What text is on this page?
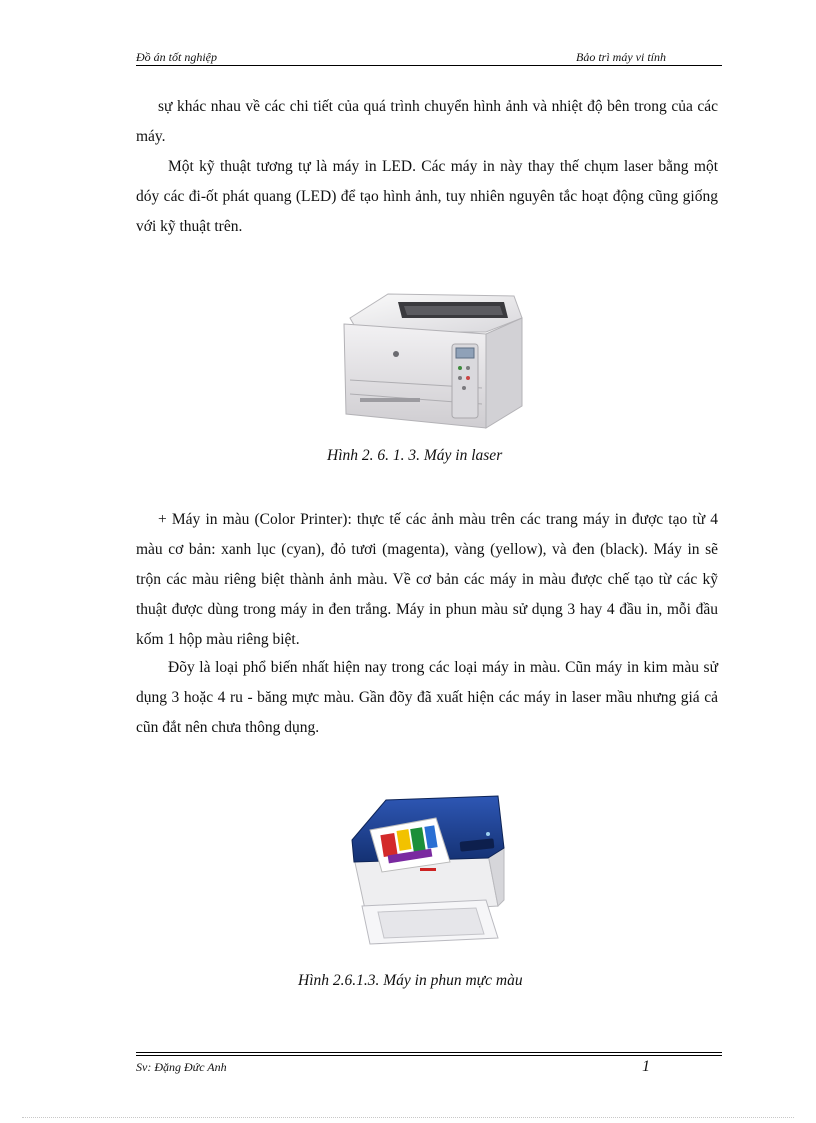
Đồ án tốt nghiệp	Bảo trì máy vi tính

sự khác nhau về các chi tiết của quá trình chuyển hình ảnh và nhiệt độ bên trong của các máy.

Một kỹ thuật tương tự là máy in LED. Các máy in này thay thế chụm laser bằng một dóy các đi-ốt phát quang (LED) để tạo hình ảnh, tuy nhiên nguyên tắc hoạt động cũng giống với kỹ thuật trên.

Hình 2. 6. 1. 3. Máy in laser

+ Máy in màu (Color Printer): thực tế các ảnh màu trên các trang máy in được tạo từ 4 màu cơ bản: xanh lục (cyan), đỏ tươi (magenta), vàng (yellow), và đen (black). Máy in sẽ trộn các màu riêng biệt thành ảnh màu. Về cơ bản các máy in màu được chế tạo từ các kỹ thuật được dùng trong máy in đen trắng. Máy in phun màu sử dụng 3 hay 4 đầu in, mỗi đầu kốm 1 hộp màu riêng biệt.

Đõy là loại phổ biến nhất hiện nay trong các loại máy in màu. Cũn máy in kim màu sử dụng 3 hoặc 4 ru - băng mực màu. Gần đõy đã xuất hiện các máy in laser mầu nhưng giá cả cũn đắt nên chưa thông dụng.

Hình 2.6.1.3. Máy in phun mực màu
Sv: Đặng Đức Anh	1
